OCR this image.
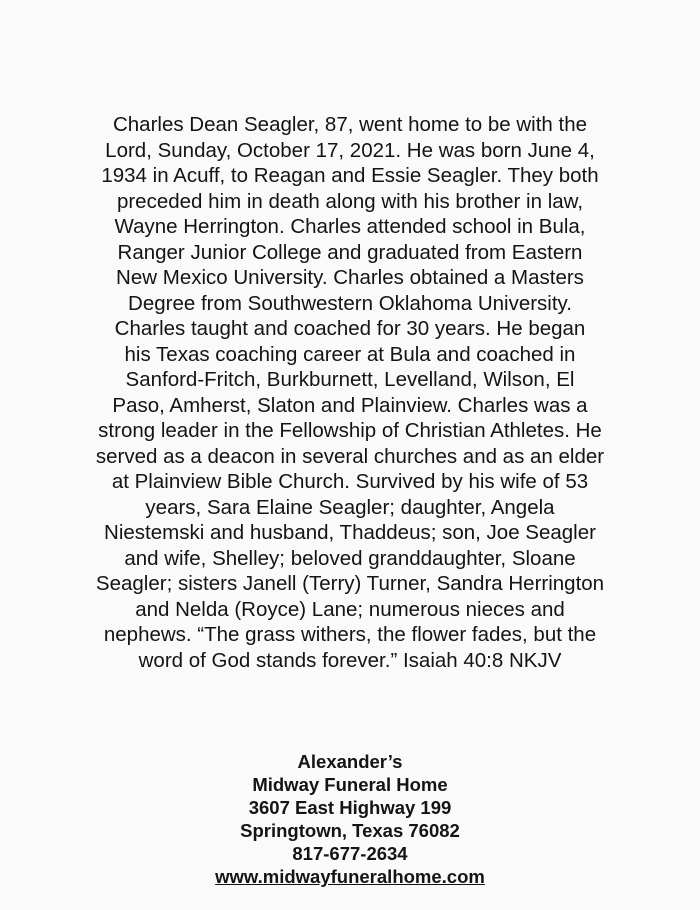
Charles Dean Seagler, 87, went home to be with the
Lord, Sunday, October 17, 2021. He was born June 4,
1934 in Acuff, to Reagan and Essie Seagler. They both
preceded him in death along with his brother in law,
Wayne Herrington. Charles attended school in Bula,
Ranger Junior College and graduated from Eastern
New Mexico University. Charles obtained a Masters
Degree from Southwestern Oklahoma University.
Charles taught and coached for 30 years. He began
his Texas coaching career at Bula and coached in
Sanford-Fritch, Burkburnett, Levelland, Wilson, El
Paso, Amherst, Slaton and Plainview. Charles was a
strong leader in the Fellowship of Christian Athletes. He
served as a deacon in several churches and as an elder
at Plainview Bible Church. Survived by his wife of 53
years, Sara Elaine Seagler; daughter, Angela
Niestemski and husband, Thaddeus; son, Joe Seagler
and wife, Shelley; beloved granddaughter, Sloane
Seagler; sisters Janell (Terry) Turner, Sandra Herrington
and Nelda (Royce) Lane; numerous nieces and
nephews. “The grass withers, the flower fades, but the
word of God stands forever.” Isaiah 40:8 NKJV

Alexander’s
Midway Funeral Home
3607 East Highway 199
Springtown, Texas 76082
817-677-2634
www.midwayfuneralhome.com
